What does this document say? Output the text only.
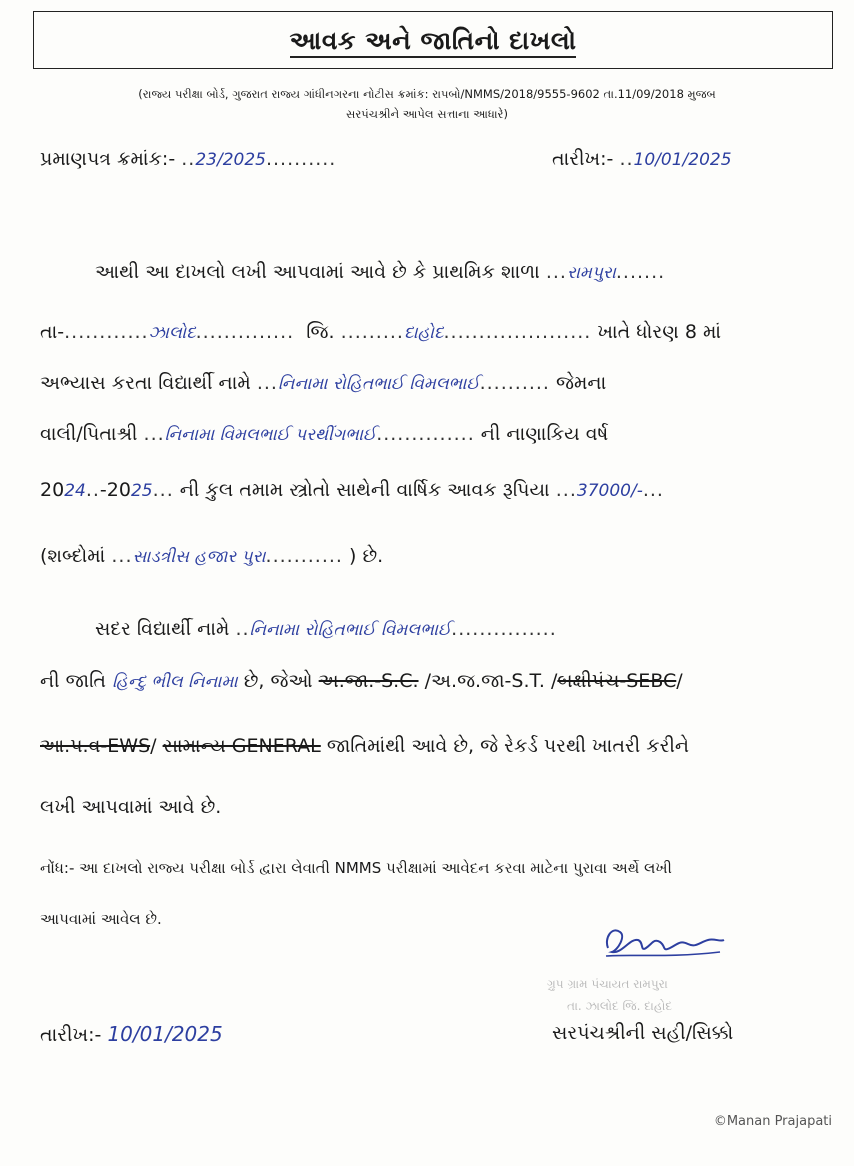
આવક અને જાતિનો દાખલો
(રાજ્ય પરીક્ષા બોર્ડ, ગુજરાત રાજ્ય ગાંધીનગરના નોટીસ ક્રમાંક: રાપબો/NMMS/2018/9555-9602 તા.11/09/2018 મુજબ
સરપંચશ્રીને આપેલ સત્તાના આધારે)
પ્રમાણપત્ર ક્રમાંક:- ..23/2025..........	તારીખ:- ..10/01/2025
આથી આ દાખલો લખી આપવામાં આવે છે કે પ્રાથમિક શાળા ...રામપુરા.......
તા-............ઝાલોદ.............. જિ. .........દાહોદ..................... ખાતે ધોરણ 8 માં
અભ્યાસ કરતા વિદ્યાર્થી નામે ...નિનામા રોહિતભાઈ વિમલભાઈ.......... જેમના
વાલી/પિતાશ્રી ...નિનામા વિમલભાઈ પરથીંગભાઈ.............. ની નાણાકિય વર્ષ
2024..-2025... ની કુલ તમામ સ્ત્રોતો સાથેની વાર્ષિક આવક રૂપિયા ...37000/-...
(શબ્દોમાં ...સાડત્રીસ હજાર પુરા........... ) છે.
સદર વિદ્યાર્થી નામે ..નિનામા રોહિતભાઈ વિમલભાઈ...............
ની જાતિ હિન્દુ ભીલ નિનામા છે, જેઓ અ.જા.-S.C. /અ.જ.જા-S.T. /બક્ષીપંચ-SEBC/
આ.પ.વ-EWS/ સામાન્ય GENERAL જાતિમાંથી આવે છે, જે રેકર્ડ પરથી ખાતરી કરીને
લખી આપવામાં આવે છે.
નોંધ:- આ દાખલો રાજ્ય પરીક્ષા બોર્ડ દ્વારા લેવાતી NMMS પરીક્ષામાં આવેદન કરવા માટેના પુરાવા અર્થે લખી
આપવામાં આવેલ છે.
ગ્રુપ ગ્રામ પંચાયત રામપુરા
તા. ઝાલોદ જિ. દાહોદ
તારીખ:- 10/01/2025	સરપંચશ્રીની સહી/સિક્કો
©Manan Prajapati
